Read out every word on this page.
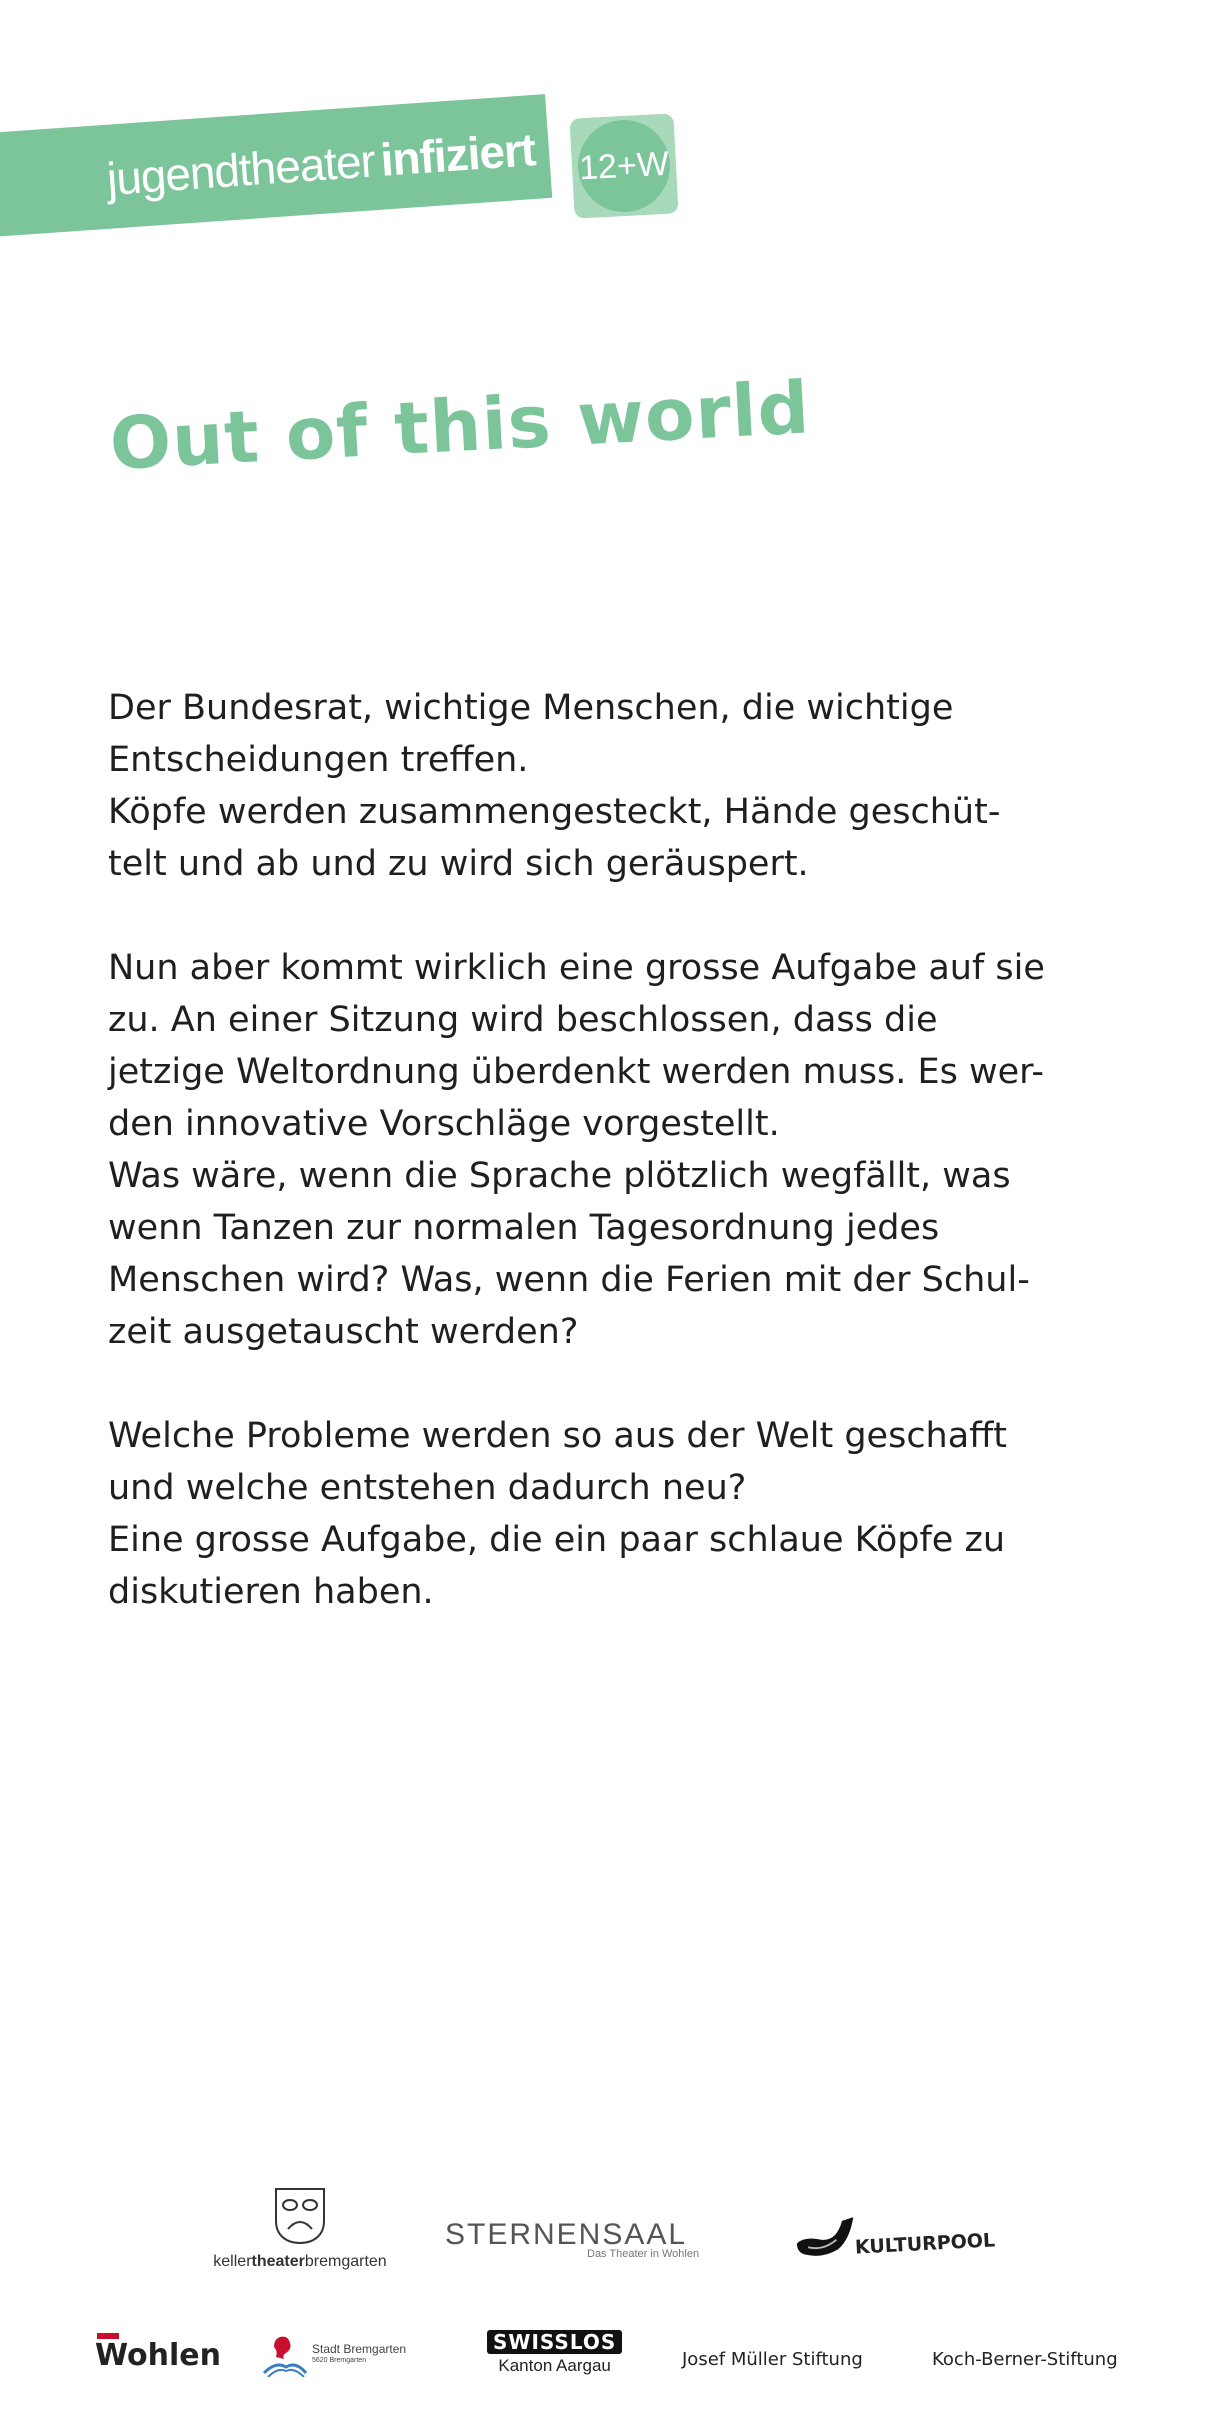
jugendtheaterinfiziert 12+W
Out of this world

Der Bundesrat, wichtige Menschen, die wichtige
Entscheidungen treffen.
Köpfe werden zusammengesteckt, Hände geschüt-
telt und ab und zu wird sich geräuspert.

Nun aber kommt wirklich eine grosse Aufgabe auf sie
zu. An einer Sitzung wird beschlossen, dass die
jetzige Weltordnung überdenkt werden muss. Es wer-
den innovative Vorschläge vorgestellt.
Was wäre, wenn die Sprache plötzlich wegfällt, was
wenn Tanzen zur normalen Tagesordnung jedes
Menschen wird? Was, wenn die Ferien mit der Schul-
zeit ausgetauscht werden?

Welche Probleme werden so aus der Welt geschafft
und welche entstehen dadurch neu?
Eine grosse Aufgabe, die ein paar schlaue Köpfe zu
diskutieren haben.

kellertheaterbremgarten
STERNENSAAL
Das Theater in Wohlen	KULTURPOOL
Wohlen	Stadt Bremgarten
5620 Bremgarten
SWISSLOS
Kanton Aargau	Josef Müller Stiftung	Koch-Berner-Stiftung
